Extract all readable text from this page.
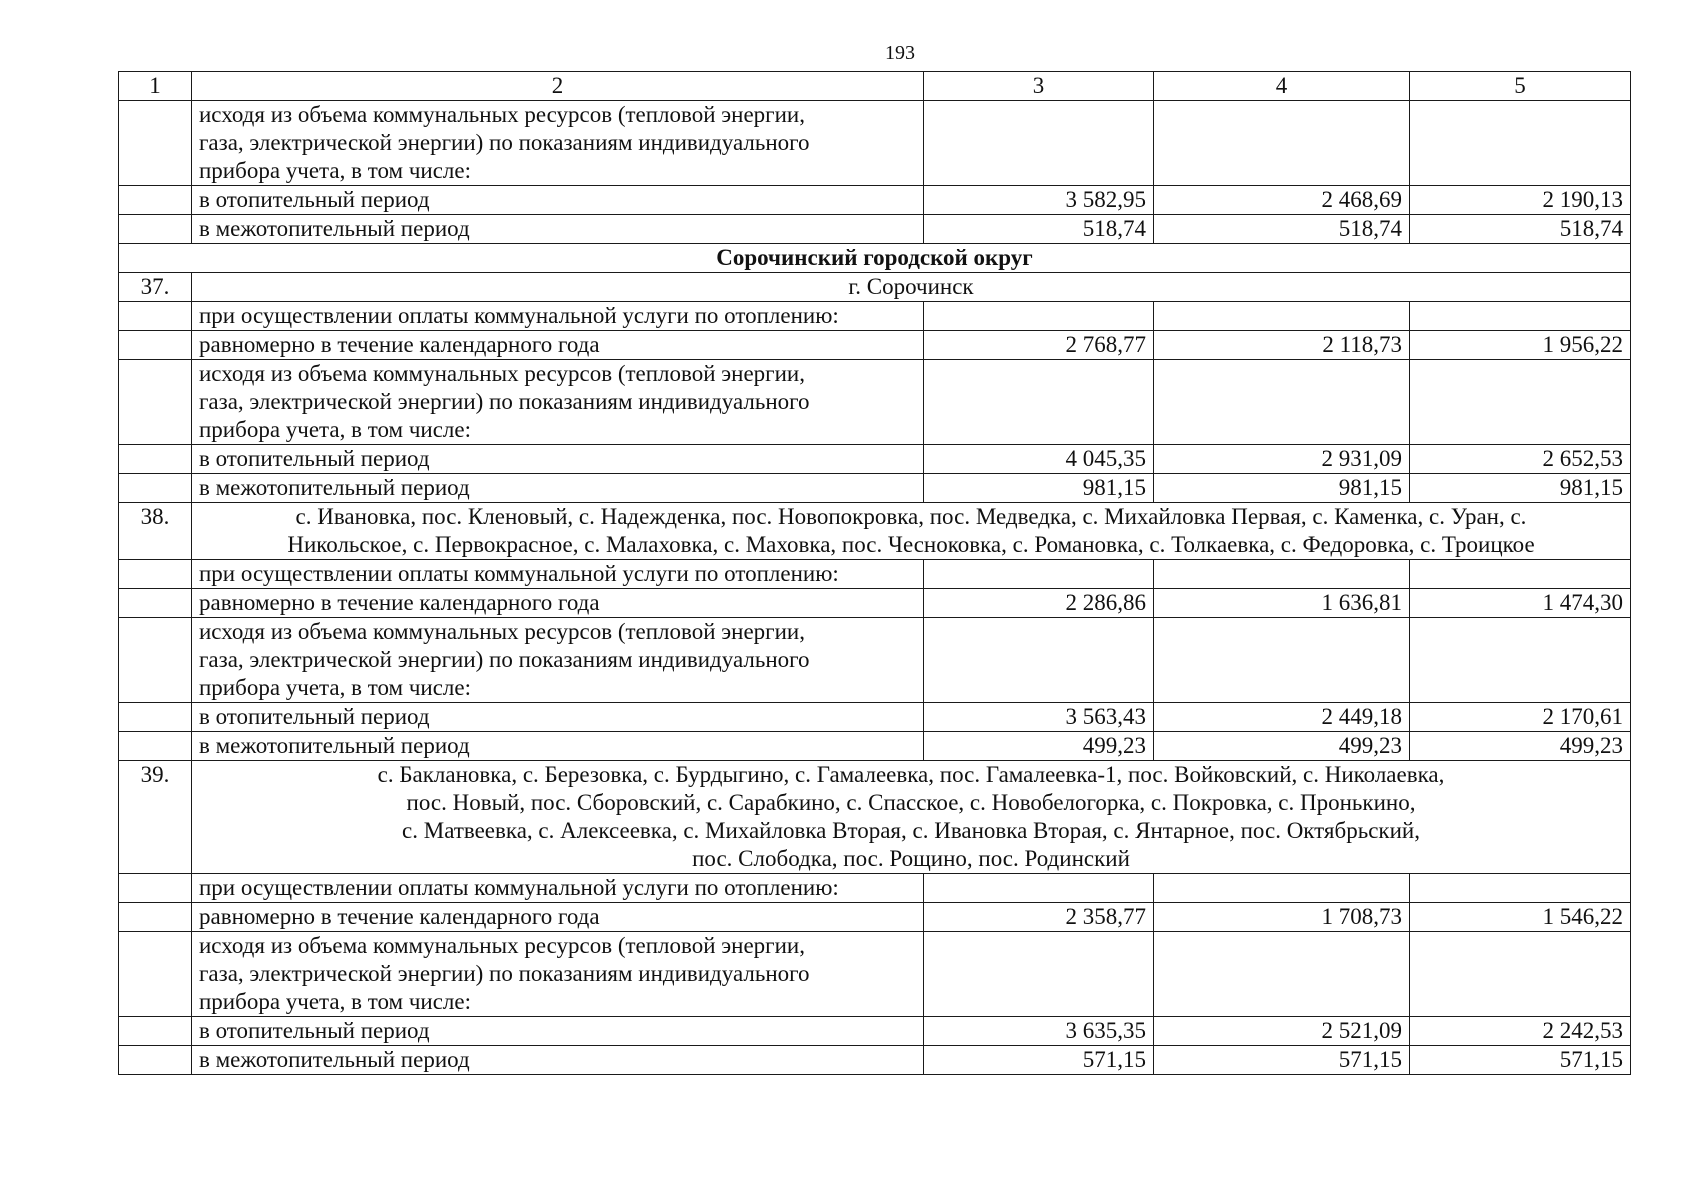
193
1	2	3	4	5

	исходя из объема коммунальных ресурсов (тепловой энергии,
газа, электрической энергии) по показаниям индивидуального
прибора учета, в том числе:			

	в отопительный период	3 582,95	2 468,69	2 190,13
	в межотопительный период	518,74	518,74	518,74
Сорочинский городской округ				
37.	г. Сорочинск			

	при осуществлении оплаты коммунальной услуги по отоплению:			
	равномерно в течение календарного года	2 768,77	2 118,73	1 956,22

	исходя из объема коммунальных ресурсов (тепловой энергии,
газа, электрической энергии) по показаниям индивидуального
прибора учета, в том числе:			

	в отопительный период	4 045,35	2 931,09	2 652,53
	в межотопительный период	981,15	981,15	981,15
38.	с. Ивановка, пос. Кленовый, с. Надежденка, пос. Новопокровка, пос. Медведка, с. Михайловка Первая, с. Каменка, с. Уран, с.
Никольское, с. Первокрасное, с. Малаховка, с. Маховка, пос. Чесноковка, с. Романовка, с. Толкаевка, с. Федоровка, с. Троицкое			

	при осуществлении оплаты коммунальной услуги по отоплению:			
	равномерно в течение календарного года	2 286,86	1 636,81	1 474,30

	исходя из объема коммунальных ресурсов (тепловой энергии,
газа, электрической энергии) по показаниям индивидуального
прибора учета, в том числе:			

	в отопительный период	3 563,43	2 449,18	2 170,61
	в межотопительный период	499,23	499,23	499,23
39.	с. Баклановка, с. Березовка, с. Бурдыгино, с. Гамалеевка, пос. Гамалеевка-1, пос. Войковский, с. Николаевка,
пос. Новый, пос. Сборовский, с. Сарабкино, с. Спасское, с. Новобелогорка, с. Покровка, с. Пронькино,
с. Матвеевка, с. Алексеевка, с. Михайловка Вторая, с. Ивановка Вторая, с. Янтарное, пос. Октябрьский,
пос. Слободка, пос. Рощино, пос. Родинский			

	при осуществлении оплаты коммунальной услуги по отоплению:			
	равномерно в течение календарного года	2 358,77	1 708,73	1 546,22

	исходя из объема коммунальных ресурсов (тепловой энергии,
газа, электрической энергии) по показаниям индивидуального
прибора учета, в том числе:			

	в отопительный период	3 635,35	2 521,09	2 242,53
	в межотопительный период	571,15	571,15	571,15
